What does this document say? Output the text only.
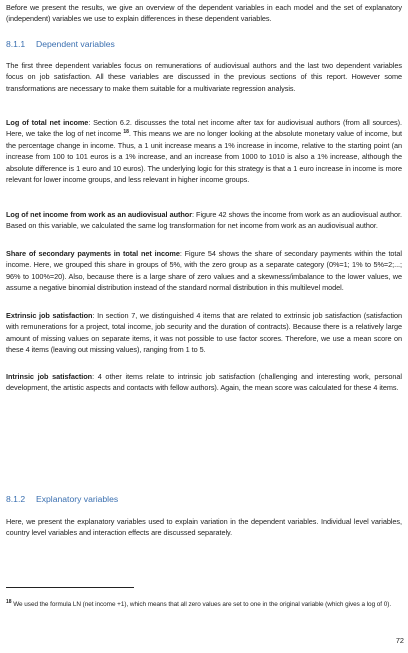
Before we present the results, we give an overview of the dependent variables in each model and the set of explanatory (independent) variables we use to explain differences in these dependent variables.

8.1.1 Dependent variables

The first three dependent variables focus on remunerations of audiovisual authors and the last two dependent variables focus on job satisfaction. All these variables are discussed in the previous sections of this report. However some transformations are necessary to make them suitable for a multivariate regression analysis.

Log of total net income: Section 6.2. discusses the total net income after tax for audiovisual authors (from all sources). Here, we take the log of net income $^{18}$. This means we are no longer looking at the absolute monetary value of income, but the percentage change in income. Thus, a 1 unit increase means a 1% increase in income, relative to the starting point (an increase from 100 to 101 euros is a 1% increase, and an increase from 1000 to 1010 is also a 1% increase, although the absolute difference is 1 euro and 10 euros). The underlying logic for this strategy is that a 1 euro increase in income is more relevant for lower income groups, and less relevant in higher income groups.

Log of net income from work as an audiovisual author: Figure 42 shows the income from work as an audiovisual author. Based on this variable, we calculated the same log transformation for net income from work as an audiovisual author.

Share of secondary payments in total net income: Figure 54 shows the share of secondary payments within the total income. Here, we grouped this share in groups of 5%, with the zero group as a separate category (0%=1; 1% to 5%=2;...; 96% to 100%=20). Also, because there is a large share of zero values and a skewness/imbalance to the lower values, we assume a negative binomial distribution instead of the standard normal distribution in this multilevel model.

Extrinsic job satisfaction: In section 7, we distinguished 4 items that are related to extrinsic job satisfaction (satisfaction with remunerations for a project, total income, job security and the duration of contracts). Because there is a relatively large amount of missing values on separate items, it was not possible to use factor scores. Therefore, we use a mean score on these 4 items (leaving out missing values), ranging from 1 to 5.

Intrinsic job satisfaction: 4 other items relate to intrinsic job satisfaction (challenging and interesting work, personal development, the artistic aspects and contacts with fellow authors). Again, the mean score was calculated for these 4 items.

8.1.2 Explanatory variables

Here, we present the explanatory variables used to explain variation in the dependent variables. Individual level variables, country level variables and interaction effects are discussed separately.

$^{18}$ We used the formula LN (net income +1), which means that all zero values are set to one in the original variable (which gives a log of 0).

72
